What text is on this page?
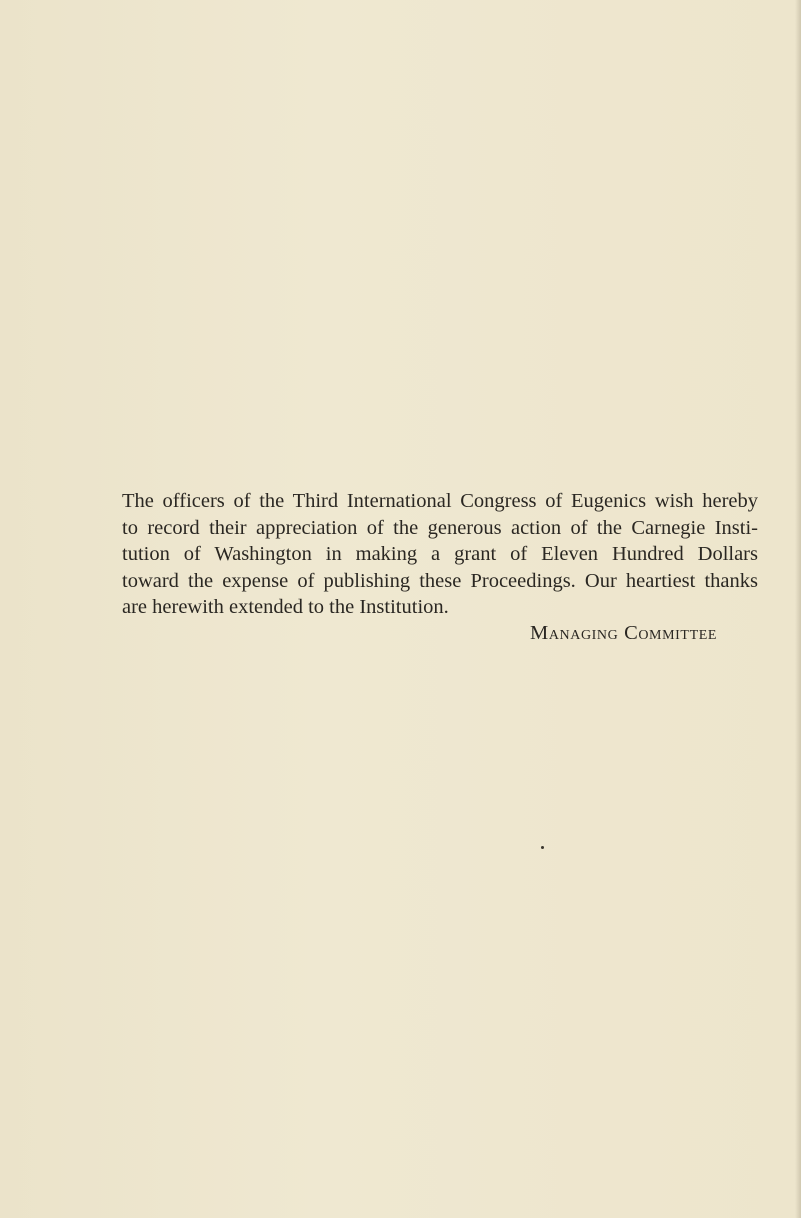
The officers of the Third International Congress of Eugenics wish hereby
to record their appreciation of the generous action of the Carnegie Insti-
tution of Washington in making a grant of Eleven Hundred Dollars
toward the expense of publishing these Proceedings. Our heartiest thanks
are herewith extended to the Institution.

Managing Committee
